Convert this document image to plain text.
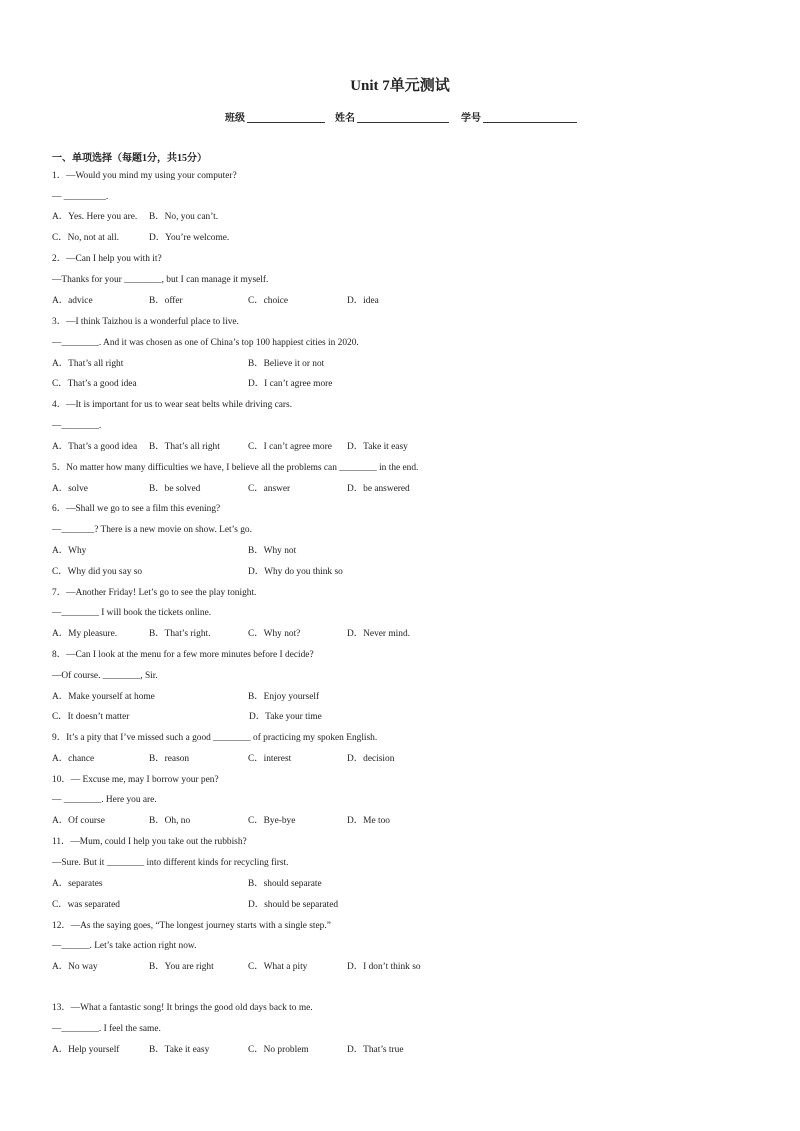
Unit 7单元测试
班级	姓名	学号
一、单项选择（每题1分，共15分）
1．—Would you mind my using your computer?
— _________.
A．Yes. Here you are. B．No, you can’t.
C．No, not at all.	D．You’re welcome.
2．—Can I help you with it?
—Thanks for your ________, but I can manage it myself.
A．advice	B．offer	C．choice	D．idea
3．—I think Taizhou is a wonderful place to live.
—________. And it was chosen as one of China’s top 100 happiest cities in 2020.
A．That’s all right	B．Believe it or not
C．That’s a good idea	D．I can’t agree more
4．—It is important for us to wear seat belts while driving cars.
—________.
A．That’s a good idea B．That’s all right	C．I can’t agree more D．Take it easy
5．No matter how many difficulties we have, I believe all the problems can ________ in the end.
A．solve	B．be solved	C．answer	D．be answered
6．—Shall we go to see a film this evening?
—_______? There is a new movie on show. Let’s go.
A．Why	B．Why not
C．Why did you say so	D．Why do you think so
7．—Another Friday! Let’s go to see the play tonight.
—________ I will book the tickets online.
A．My pleasure.	B．That’s right.	C．Why not?	D．Never mind.
8．—Can I look at the menu for a few more minutes before I decide?
—Of course. ________, Sir.
A．Make yourself at home	B．Enjoy yourself
C．It doesn’t matter	D．Take your time
9．It’s a pity that I’ve missed such a good ________ of practicing my spoken English.
A．chance	B．reason	C．interest	D．decision
10．— Excuse me, may I borrow your pen?
— ________. Here you are.
A．Of course	B．Oh, no	C．Bye-bye	D．Me too
11．—Mum, could I help you take out the rubbish?
—Sure. But it ________ into different kinds for recycling first.
A．separates	B．should separate
C．was separated	D．should be separated
12．—As the saying goes, “The longest journey starts with a single step.”
—______. Let’s take action right now.
A．No way	B．You are right	C．What a pity	D．I don’t think so
13．—What a fantastic song! It brings the good old days back to me.
—________. I feel the same.
A．Help yourself	B．Take it easy	C．No problem	D．That’s true
